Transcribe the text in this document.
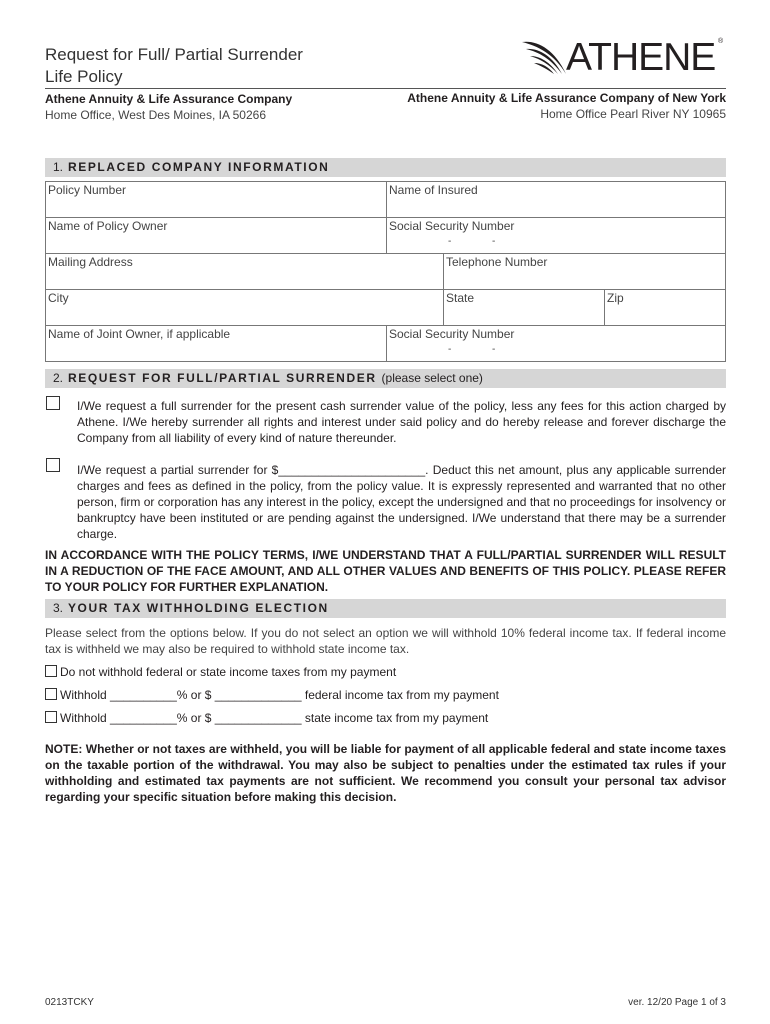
Request for Full/ Partial Surrender
Life Policy	ATHENE ®
Athene Annuity & Life Assurance Company
Home Office, West Des Moines, IA 50266
Athene Annuity & Life Assurance Company of New York
Home Office Pearl River NY 10965
1. REPLACED COMPANY INFORMATION
Policy Number	Name of Insured
Name of Policy Owner	Social Security Number
-	-
Mailing Address	Telephone Number
City	State	Zip
Name of Joint Owner, if applicable	Social Security Number
-	-
2. REQUEST FOR FULL/PARTIAL SURRENDER (please select one)
I/We request a full surrender for the present cash surrender value of the policy, less any fees for this action charged by Athene. I/We hereby surrender all rights and interest under said policy and do hereby release and forever discharge the Company from all liability of every kind of nature thereunder.
I/We request a partial surrender for $______________________. Deduct this net amount, plus any applicable surrender charges and fees as defined in the policy, from the policy value. It is expressly represented and warranted that no other person, firm or corporation has any interest in the policy, except the undersigned and that no proceedings for insolvency or bankruptcy have been instituted or are pending against the undersigned. I/We understand that there may be a surrender charge.
IN ACCORDANCE WITH THE POLICY TERMS, I/WE UNDERSTAND THAT A FULL/PARTIAL SURRENDER WILL RESULT IN A REDUCTION OF THE FACE AMOUNT, AND ALL OTHER VALUES AND BENEFITS OF THIS POLICY. PLEASE REFER TO YOUR POLICY FOR FURTHER EXPLANATION.
3. YOUR TAX WITHHOLDING ELECTION
Please select from the options below. If you do not select an option we will withhold 10% federal income tax. If federal income tax is withheld we may also be required to withhold state income tax.
Do not withhold federal or state income taxes from my payment
Withhold __________% or $ _____________ federal income tax from my payment
Withhold __________% or $ _____________ state income tax from my payment
NOTE: Whether or not taxes are withheld, you will be liable for payment of all applicable federal and state income taxes on the taxable portion of the withdrawal. You may also be subject to penalties under the estimated tax rules if your withholding and estimated tax payments are not sufficient. We recommend you consult your personal tax advisor regarding your specific situation before making this decision.
0213TCKY	ver. 12/20 Page 1 of 3
